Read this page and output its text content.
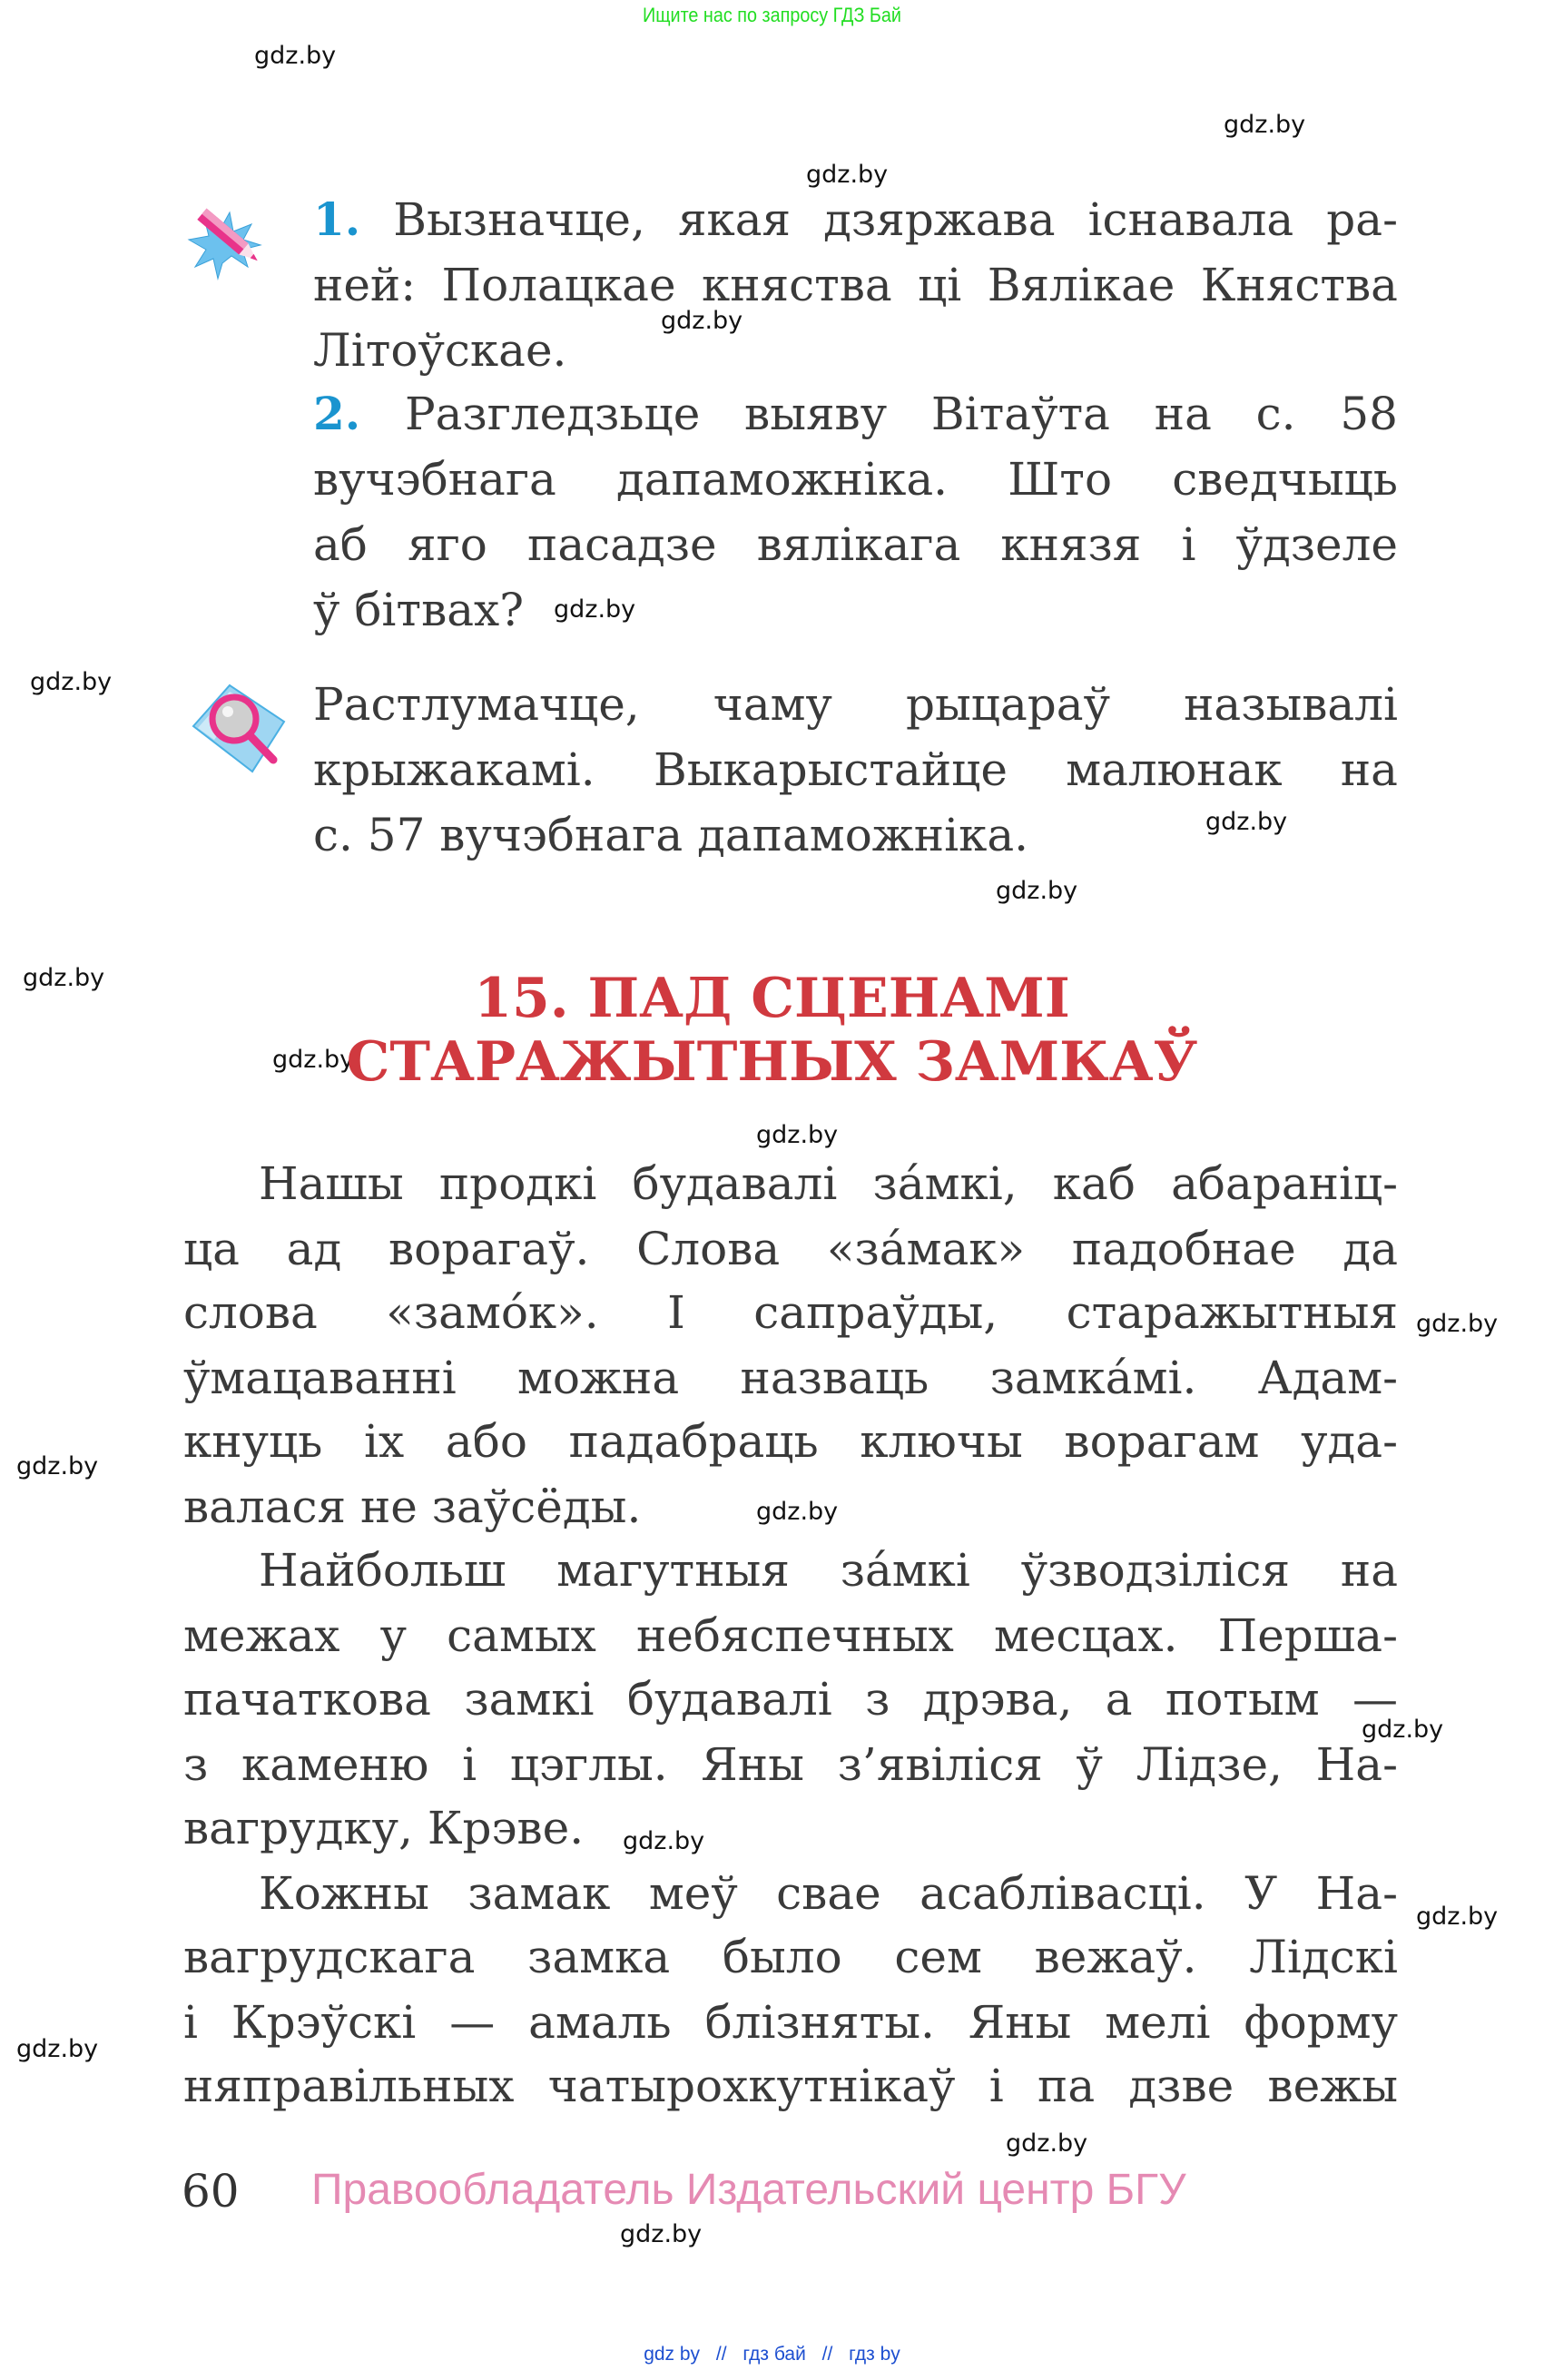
Ищите нас по запросу ГДЗ Бай
gdz.by
gdz.by
gdz.by
gdz.by
gdz.by
gdz.by
gdz.by
gdz.by
gdz.by
gdz.by
gdz.by
gdz.by
gdz.by
gdz.by
gdz.by
gdz.by
gdz.by
gdz.by
gdz.by
gdz.by
1. Вызначце, якая дзяржава існавала ра-
ней: Полацкае княства ці Вялікае Княства
Літоўскае.
2. Разгледзьце выяву Вітаўта на с. 58
вучэбнага дапаможніка. Што сведчыць
аб яго пасадзе вялікага князя і ўдзеле
ў бітвах?
Растлумачце, чаму рыцараў называлі
крыжакамі. Выкарыстайце малюнак на
с. 57 вучэбнага дапаможніка.
15. ПАД СЦЕНАМІ
СТАРАЖЫТНЫХ ЗАМКАЎ
Нашы продкі будавалі за́мкі, каб абараніц-
ца ад ворагаў. Слова «за́мак» падобнае да
слова «замо́к». І сапраўды, старажытныя
ўмацаванні можна назваць замка́мі. Адам-
кнуць іх або падабраць ключы ворагам уда-
валася не заўсёды.
Найбольш магутныя за́мкі ўзводзіліся на
межах у самых небяспечных месцах. Перша-
пачаткова замкі будавалі з дрэва, а потым —
з каменю і цэглы. Яны з’явіліся ў Лідзе, На-
вагрудку, Крэве.
Кожны замак меў свае асаблівасці. У На-
вагрудскага замка было сем вежаў. Лідскі
і Крэўскі — амаль блізняты. Яны мелі форму
няправільных чатырохкутнікаў і па дзве вежы
60 Правообладатель Издательский центр БГУ
gdz by // гдз бай // гдз by
